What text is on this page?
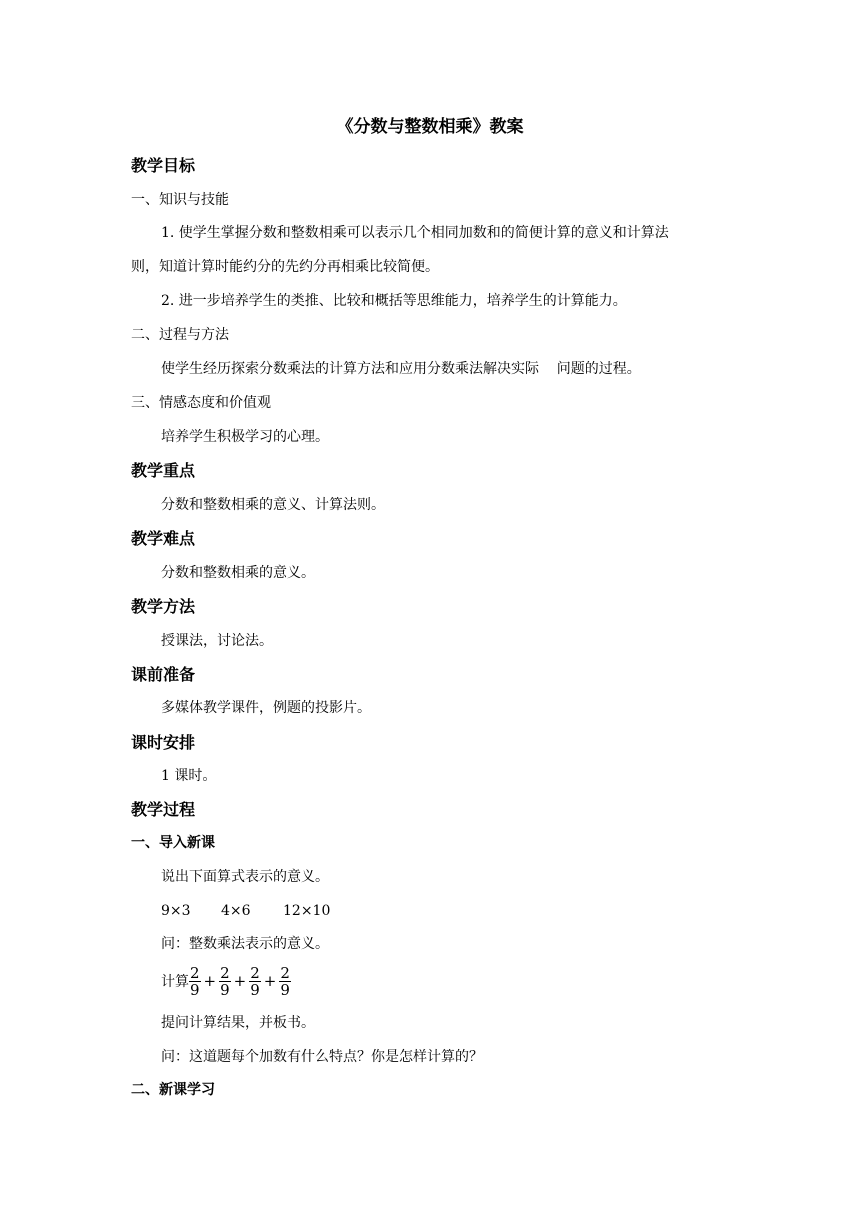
《分数与整数相乘》教案
教学目标
一、知识与技能
1. 使学生掌握分数和整数相乘可以表示几个相同加数和的简便计算的意义和计算法
则，知道计算时能约分的先约分再相乘比较简便。
2. 进一步培养学生的类推、比较和概括等思维能力，培养学生的计算能力。
二、过程与方法
使学生经历探索分数乘法的计算方法和应用分数乘法解决实际    问题的过程。
三、情感态度和价值观
培养学生积极学习的心理。
教学重点
分数和整数相乘的意义、计算法则。
教学难点
分数和整数相乘的意义。
教学方法
授课法，讨论法。
课前准备
多媒体教学课件，例题的投影片。
课时安排
1 课时。
教学过程
一、导入新课
说出下面算式表示的意义。
9×3 4×6 12×10
问：整数乘法表示的意义。
计算 $\frac{2}{9} + \frac{2}{9} + \frac{2}{9} + \frac{2}{9}$
提问计算结果，并板书。
问：这道题每个加数有什么特点？你是怎样计算的？
二、新课学习
